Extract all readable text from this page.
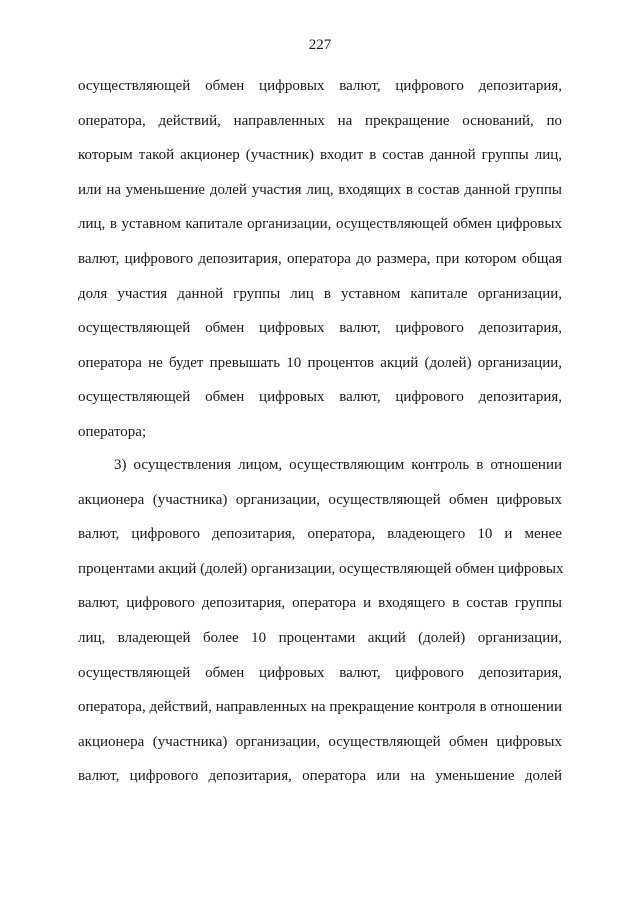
227
осуществляющей обмен цифровых валют, цифрового депозитария,
оператора, действий, направленных на прекращение оснований, по
которым такой акционер (участник) входит в состав данной группы лиц,
или на уменьшение долей участия лиц, входящих в состав данной группы
лиц, в уставном капитале организации, осуществляющей обмен цифровых
валют, цифрового депозитария, оператора до размера, при котором общая
доля участия данной группы лиц в уставном капитале организации,
осуществляющей обмен цифровых валют, цифрового депозитария,
оператора не будет превышать 10 процентов акций (долей) организации,
осуществляющей обмен цифровых валют, цифрового депозитария,
оператора;
3) осуществления лицом, осуществляющим контроль в отношении
акционера (участника) организации, осуществляющей обмен цифровых
валют, цифрового депозитария, оператора, владеющего 10 и менее
процентами акций (долей) организации, осуществляющей обмен цифровых
валют, цифрового депозитария, оператора и входящего в состав группы
лиц, владеющей более 10 процентами акций (долей) организации,
осуществляющей обмен цифровых валют, цифрового депозитария,
оператора, действий, направленных на прекращение контроля в отношении
акционера (участника) организации, осуществляющей обмен цифровых
валют, цифрового депозитария, оператора или на уменьшение долей
